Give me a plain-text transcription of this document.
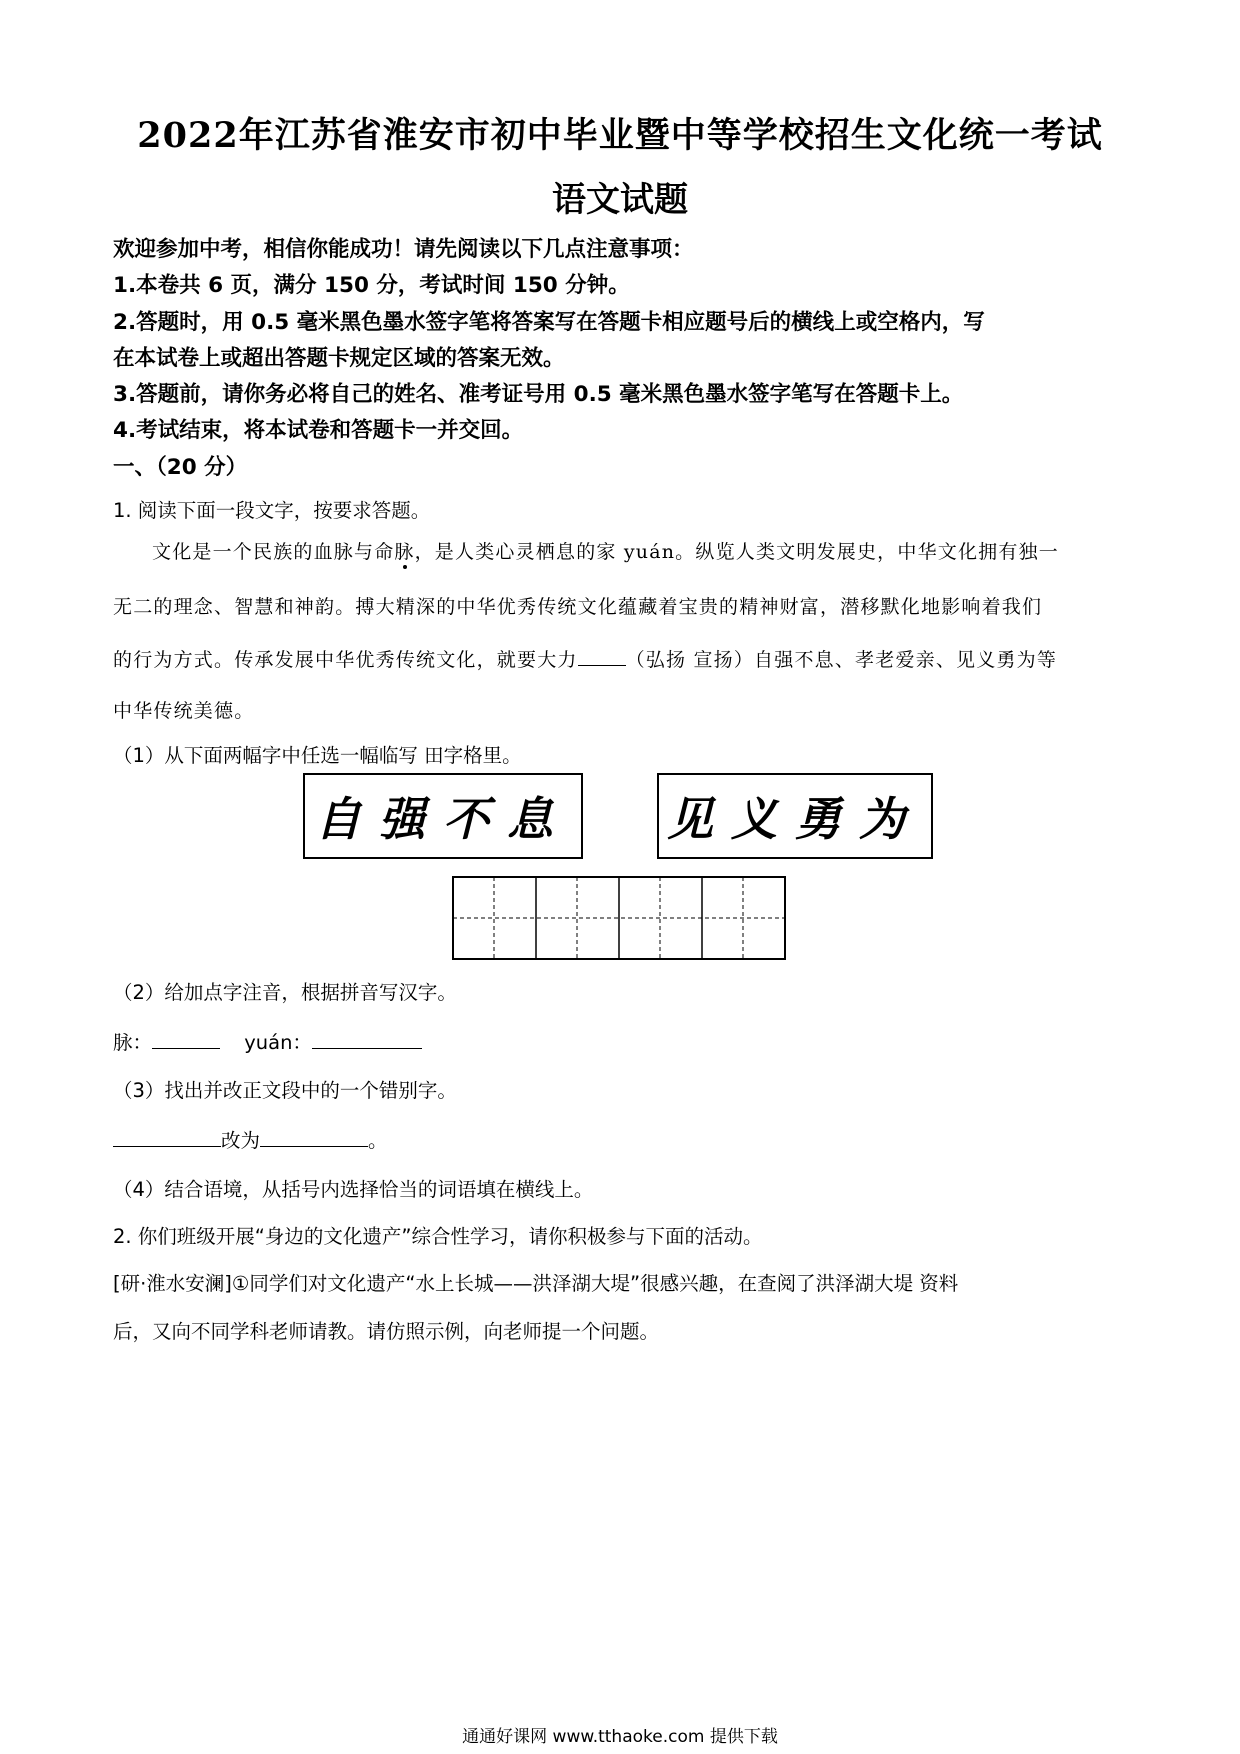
2022年江苏省淮安市初中毕业暨中等学校招生文化统一考试
语文试题
欢迎参加中考，相信你能成功！请先阅读以下几点注意事项：
1.本卷共 6 页，满分 150 分，考试时间 150 分钟。
2.答题时，用 0.5 毫米黑色墨水签字笔将答案写在答题卡相应题号后的横线上或空格内，写
在本试卷上或超出答题卡规定区域的答案无效。
3.答题前，请你务必将自己的姓名、准考证号用 0.5 毫米黑色墨水签字笔写在答题卡上。
4.考试结束，将本试卷和答题卡一并交回。
一、（20 分）
1. 阅读下面一段文字，按要求答题。
文化是一个民族的血脉与命脉，是人类心灵栖息的家 yuán。纵览人类文明发展史，中华文化拥有独一
无二的理念、智慧和神韵。搏大精深的中华优秀传统文化蕴藏着宝贵的精神财富，潜移默化地影响着我们
的行为方式。传承发展中华优秀传统文化，就要大力	（弘扬 宣扬）自强不息、孝老爱亲、见义勇为等
中华传统美德。
（1）从下面两幅字中任选一幅临写 田字格里。
自强不息 见义勇为
（2）给加点字注音，根据拼音写汉字。
脉：	yuán：
（3）找出并改正文段中的一个错别字。
改为	。
（4）结合语境，从括号内选择恰当的词语填在横线上。
2. 你们班级开展“身边的文化遗产”综合性学习，请你积极参与下面的活动。
[研·淮水安澜]①同学们对文化遗产“水上长城——洪泽湖大堤”很感兴趣，在查阅了洪泽湖大堤 资料
后，又向不同学科老师请教。请仿照示例，向老师提一个问题。
通通好课网 www.tthaoke.com 提供下载
